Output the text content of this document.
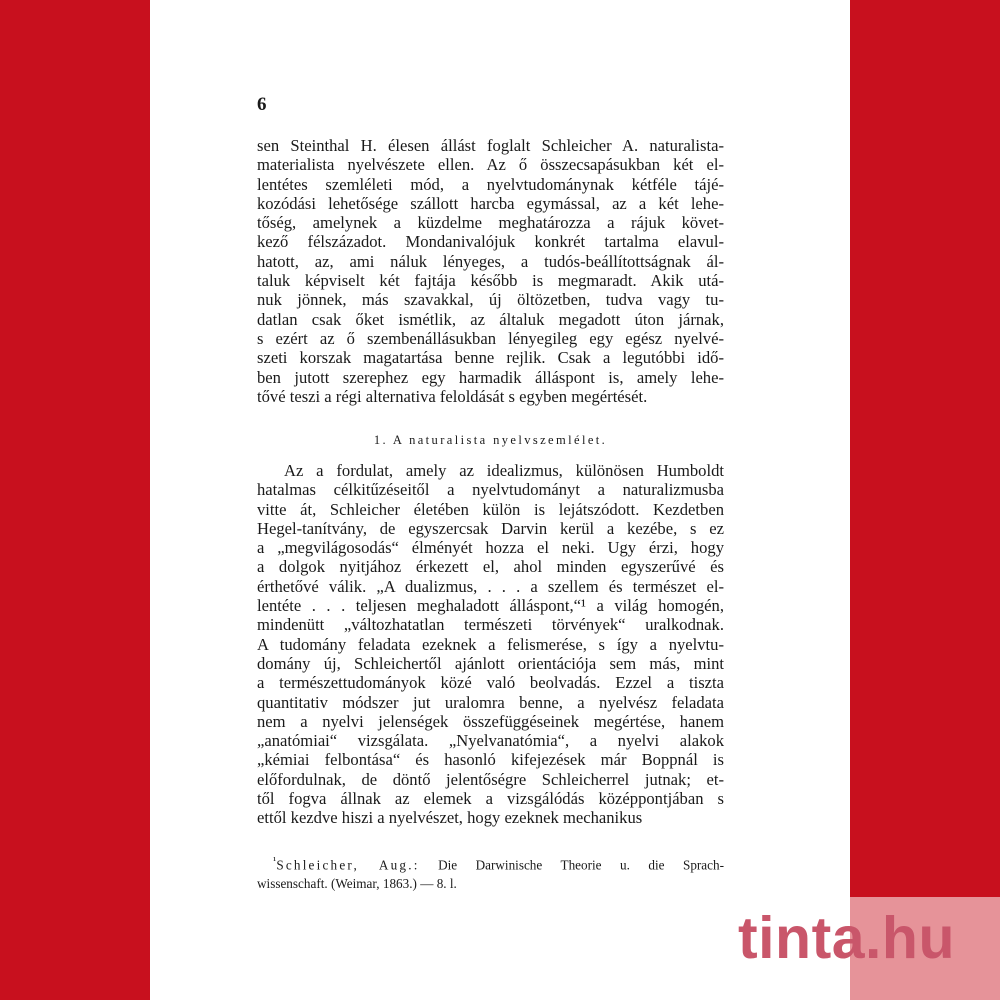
6
sen Steinthal H. élesen állást foglalt Schleicher A. naturalista-
materialista nyelvészete ellen. Az ő összecsapásukban két el-
lentétes szemléleti mód, a nyelvtudománynak kétféle tájé-
kozódási lehetősége szállott harcba egymással, az a két lehe-
tőség, amelynek a küzdelme meghatározza a rájuk követ-
kező félszázadot. Mondanivalójuk konkrét tartalma elavul-
hatott, az, ami náluk lényeges, a tudós-beállítottságnak ál-
taluk képviselt két fajtája később is megmaradt. Akik utá-
nuk jönnek, más szavakkal, új öltözetben, tudva vagy tu-
datlan csak őket ismétlik, az általuk megadott úton járnak,
s ezért az ő szembenállásukban lényegileg egy egész nyelvé-
szeti korszak magatartása benne rejlik. Csak a legutóbbi idő-
ben jutott szerephez egy harmadik álláspont is, amely lehe-
tővé teszi a régi alternativa feloldását s egyben megértését.
1. A naturalista nyelvszemlélet.
Az a fordulat, amely az idealizmus, különösen Humboldt
hatalmas célkitűzéseitől a nyelvtudományt a naturalizmusba
vitte át, Schleicher életében külön is lejátszódott. Kezdetben
Hegel-tanítvány, de egyszercsak Darvin kerül a kezébe, s ez
a „megvilágosodás“ élményét hozza el neki. Ugy érzi, hogy
a dolgok nyitjához érkezett el, ahol minden egyszerűvé és
érthetővé válik. „A dualizmus, . . . a szellem és természet el-
lentéte . . . teljesen meghaladott álláspont,“¹ a világ homogén,
mindenütt „változhatatlan természeti törvények“ uralkodnak.
A tudomány feladata ezeknek a felismerése, s így a nyelvtu-
domány új, Schleichertől ajánlott orientációja sem más, mint
a természettudományok közé való beolvadás. Ezzel a tiszta
quantitativ módszer jut uralomra benne, a nyelvész feladata
nem a nyelvi jelenségek összefüggéseinek megértése, hanem
„anatómiai“ vizsgálata. „Nyelvanatómia“, a nyelvi alakok
„kémiai felbontása“ és hasonló kifejezések már Boppnál is
előfordulnak, de döntő jelentőségre Schleicherrel jutnak; et-
től fogva állnak az elemek a vizsgálódás középpontjában s
ettől kezdve hiszi a nyelvészet, hogy ezeknek mechanikus
$^{^1}$Schleicher, Aug.: Die Darwinische Theorie u. die Sprach-
wissenschaft. (Weimar, 1863.) — 8. l.
tinta.hu
